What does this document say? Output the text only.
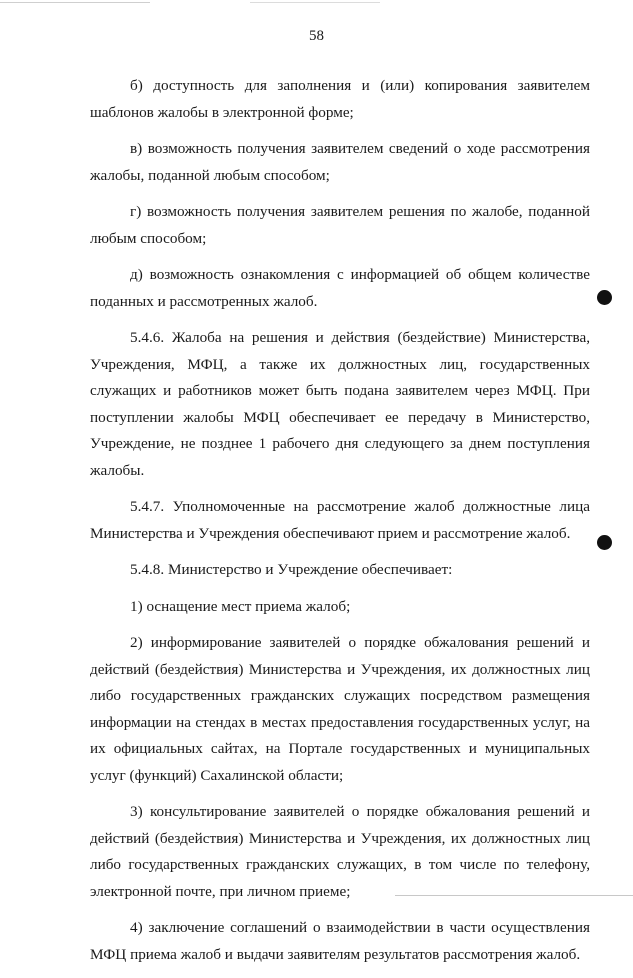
58

б) доступность для заполнения и (или) копирования заявителем шаблонов жалобы в электронной форме;

в) возможность получения заявителем сведений о ходе рассмотрения жалобы, поданной любым способом;

г) возможность получения заявителем решения по жалобе, поданной любым способом;

д) возможность ознакомления с информацией об общем количестве поданных и рассмотренных жалоб.

5.4.6. Жалоба на решения и действия (бездействие) Министерства, Учреждения, МФЦ, а также их должностных лиц, государственных служащих и работников может быть подана заявителем через МФЦ. При поступлении жалобы МФЦ обеспечивает ее передачу в Министерство, Учреждение, не позднее 1 рабочего дня следующего за днем поступления жалобы.

5.4.7. Уполномоченные на рассмотрение жалоб должностные лица Министерства и Учреждения обеспечивают прием и рассмотрение жалоб.

5.4.8. Министерство и Учреждение обеспечивает:

1) оснащение мест приема жалоб;

2) информирование заявителей о порядке обжалования решений и действий (бездействия) Министерства и Учреждения, их должностных лиц либо государственных гражданских служащих посредством размещения информации на стендах в местах предоставления государственных услуг, на их официальных сайтах, на Портале государственных и муниципальных услуг (функций) Сахалинской области;

3) консультирование заявителей о порядке обжалования решений и действий (бездействия) Министерства и Учреждения, их должностных лиц либо государственных гражданских служащих, в том числе по телефону, электронной почте, при личном приеме;

4) заключение соглашений о взаимодействии в части осуществления МФЦ приема жалоб и выдачи заявителям результатов рассмотрения жалоб.
